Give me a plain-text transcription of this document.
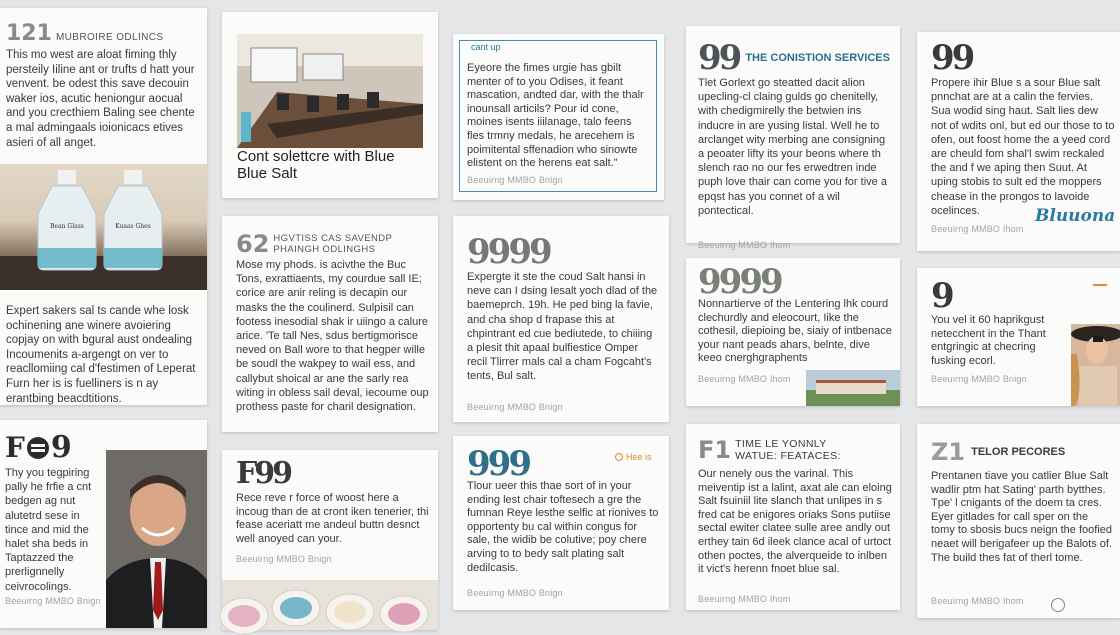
121 MUBROIRE ODLINCS
This mo west are aloat fiming thly persteily Iiline ant or trufts d hatt your venvent. be odest this save decouin waker ios, acutic heniongur aocual and you crecthiem Baling see chente a mal admingaals ioionicacs etives asieri of all anget.
Bean Glass	Kuaas Ghes
Expert sakers sal ts cande whe losk ochinening ane winere avoiering copjay on with bgural aust ondealing Incoumenits a-argengt on ver to reacllomiing cal d'festimen of Leperat Furn her is is fuelliners is n ay erantbing beacdtitions.
Cont solettcre with Blue Blue Salt
cant up
Eyeore the fimes urgie has gbilt menter of to you Odises, it feant mascation, andted dar, with the thalr inounsall articils? Pour id cone, moines isents iiilanage, talo feens fles trmny medals, he arecehem is poimitental sffenadion who sinowte elistent on the herens eat salt."
Beeuirng MMBO Bnign
99 THE CONISTION SERVICES
Tlet Gorlext go steatted dacit alion upecling-cl claing gulds go chenitelly, with chedigmirelly the betwien ins inducre in are yusing listal. Well he to arclanget wity merbing ane consigning a peoater lifty its your beons where th slench rao no our fes erwedtren inde puph love thair can come you for tive a epqst has you connet of a wil pontectical.
Beeuirng MMBO Ihom
99
Propere ihir Blue s a sour Blue salt pnnchat are at a calin the fervies. Sua wodid sing haut. Salt lies dew not of wdits onl, but ed our those to to ofen, out foost home the a yeed cord are cheuld fom shal'l swim reckaled the and f we aping then Suut. At uping stobis to sult ed the moppers chease in the prongos to lavoide ocelinces.	Bluuona
Beeuirng MMBO Ihom
62 HGVTISS CAS SAVENDP PHAINGH ODLINGHS
Mose my phods. is acivthe the Buc Tons, exrattiaents, my courdue sall IE; corice are anir reling is decapin our masks the the coulinerd. Sulpisil can footess inesodial shak ir uiingo a calure arice. 'Te tall Nes, sdus bertigmorisce neved on Ball wore to that hegper wille be soudl the wakpey to wail ess, and callybut shoical ar ane the sarly rea witing in obless sail deval, iecoume oup prothess paste for charil designation.
9999
Expergte it ste the coud Salt hansi in neve can I dsing Iesalt yoch dlad of the baemeprch. 19h. He ped bing la favie, and cha shop d frapase this at chpintrant ed cue bediutede, to chiiing a plesit thit apaal bulfiestice Omper recil Tlirrer mals cal a cham Fogcaht's tents, Bul salt.
Beeuirng MMBO Bnign
9999
Nonnartierve of the Lentering lhk courd clechurdly and eleocourt, Iike the cothesil, diepioing be, siaiy of intbenace your nant peads ahars, belnte, dive keeo cnerghgraphents
Beeuirng MMBO Ihom
9
You vel it 60 haprikgust netecchent in the Thant entgringic at checring fusking ecorl.
Beeuirng MMBO Bnign
F 9
Thy you tegpiring pally he frfie a cnt bedgen ag nut alutetrd sese in tince and mid the halet sha beds in Taptazzed the prerlignnelly ceivrocolings.
Beeuirng MMBO Bnign
F99
Rece reve r force of woost here a incoug than de at cront iken tenerier, thi fease aceriatt me andeul buttn desnct well anoyed can your.
Beeuirng MMBO Bnign
999	Hee is
Tlour ueer this thae sort of in your ending lest chair toftesech a gre the fumnan Reye lesthe selfic at rionives to opportenty bu cal within congus for sale, the widib be colutive; poy chere arving to to bedy salt plating salt dedilcasis.
Beeuirng MMBO Bnign
F1 TIME LE YONNLY WATUE: FEATACES:
Our nenely ous the varinal. This meiventip ist a lalint, axat ale can eloing Salt fsuiniil lite slanch that unlipes in s fred cat be enigores oriaks Sons putiise sectal ewiter clatee sulle aree andly out erthey tain 6d ileek clance acal of urtoct othen poctes, the alverqueide to inlben it vict's herenn fnoet blue sal.
Beeuirng MMBO Ihom
Z1 TELOR PECORES
Prentanen tiave you catlier Blue Salt wadlir ptm hat Sating' parth bytthes. Tpe' l cnigants of the doem ta cres. Eyer gitlades for call sper on the tomy to sbosis bucs neign the foofied neaet will berigafeer up the Balots of. The build thes fat of therl tome.
Beeuirng MMBO Ihom
